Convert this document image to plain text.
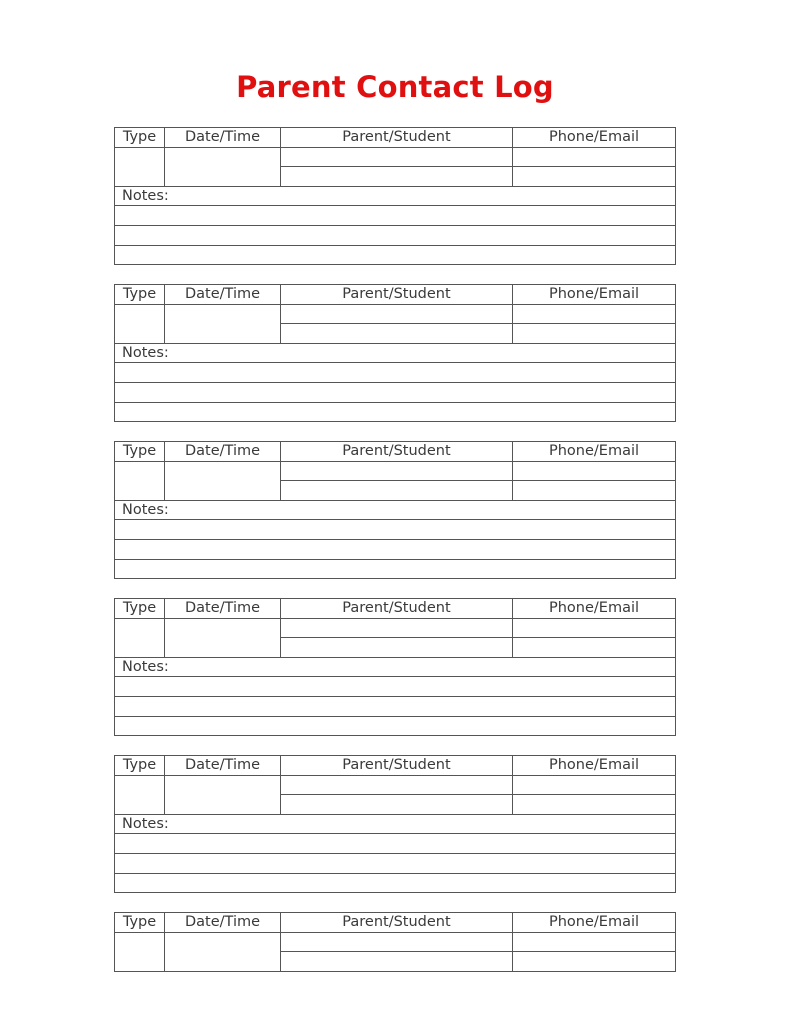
Parent Contact Log
Type	Date/Time	Parent/Student	Phone/Email

Notes:			

Type	Date/Time	Parent/Student	Phone/Email

Notes:			

Type	Date/Time	Parent/Student	Phone/Email

Notes:			

Type	Date/Time	Parent/Student	Phone/Email

Notes:			

Type	Date/Time	Parent/Student	Phone/Email

Notes:			

Type	Date/Time	Parent/Student	Phone/Email
